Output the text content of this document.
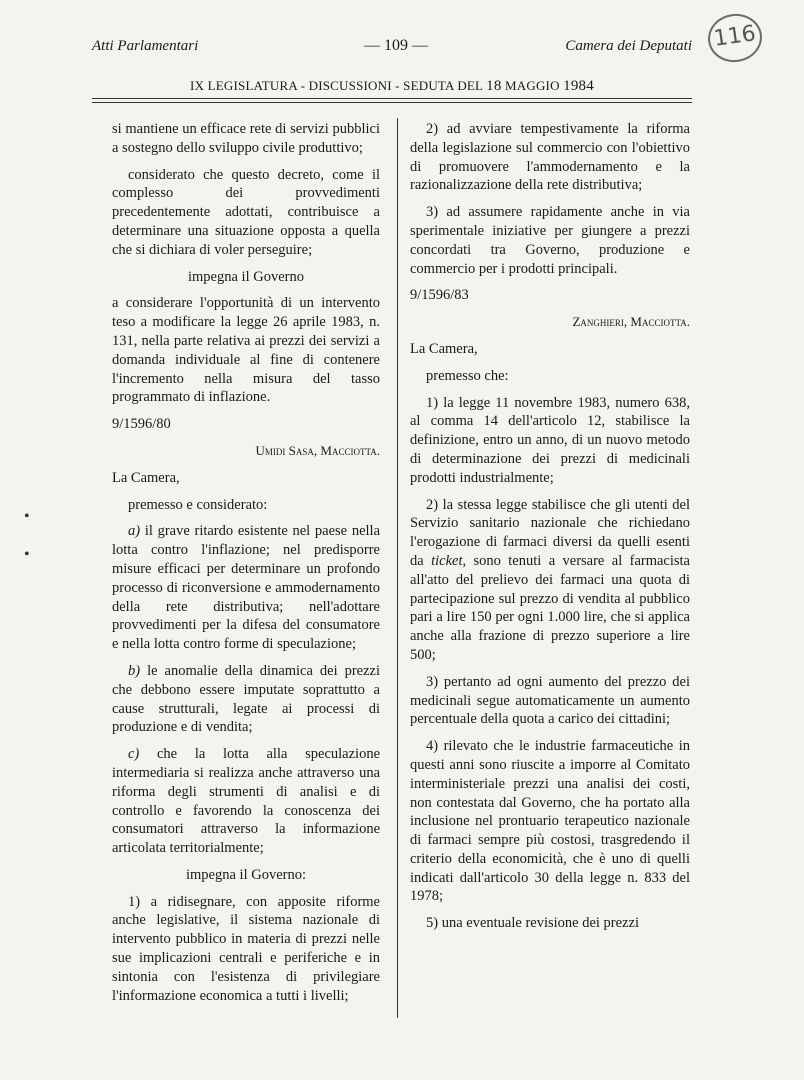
Atti Parlamentari	— 109 —	Camera dei Deputati 116
IX LEGISLATURA - DISCUSSIONI - SEDUTA DEL 18 MAGGIO 1984
•
•

si mantiene un efficace rete di servizi pubblici a sostegno dello sviluppo civile produttivo;

considerato che questo decreto, come il complesso dei provvedimenti precedentemente adottati, contribuisce a determinare una situazione opposta a quella che si dichiara di voler perseguire;

impegna il Governo

a considerare l'opportunità di un intervento teso a modificare la legge 26 aprile 1983, n. 131, nella parte relativa ai prezzi dei servizi a domanda individuale al fine di contenere l'incremento nella misura del tasso programmato di inflazione.

9/1596/80

Umidi Sasa, Macciotta.

La Camera,

premesso e considerato:

a) il grave ritardo esistente nel paese nella lotta contro l'inflazione; nel predisporre misure efficaci per determinare un profondo processo di riconversione e ammodernamento della rete distributiva; nell'adottare provvedimenti per la difesa del consumatore e nella lotta contro forme di speculazione;

b) le anomalie della dinamica dei prezzi che debbono essere imputate soprattutto a cause strutturali, legate ai processi di produzione e di vendita;

c) che la lotta alla speculazione intermediaria si realizza anche attraverso una riforma degli strumenti di analisi e di controllo e favorendo la conoscenza dei consumatori attraverso la informazione articolata territorialmente;

impegna il Governo:

1) a ridisegnare, con apposite riforme anche legislative, il sistema nazionale di intervento pubblico in materia di prezzi nelle sue implicazioni centrali e periferiche e in sintonia con l'esistenza di privilegiare l'informazione economica a tutti i livelli;

2) ad avviare tempestivamente la riforma della legislazione sul commercio con l'obiettivo di promuovere l'ammodernamento e la razionalizzazione della rete distributiva;

3) ad assumere rapidamente anche in via sperimentale iniziative per giungere a prezzi concordati tra Governo, produzione e commercio per i prodotti principali.

9/1596/83

Zanghieri, Macciotta.

La Camera,

premesso che:

1) la legge 11 novembre 1983, numero 638, al comma 14 dell'articolo 12, stabilisce la definizione, entro un anno, di un nuovo metodo di determinazione dei prezzi di medicinali prodotti industrialmente;

2) la stessa legge stabilisce che gli utenti del Servizio sanitario nazionale che richiedano l'erogazione di farmaci diversi da quelli esenti da ticket, sono tenuti a versare al farmacista all'atto del prelievo dei farmaci una quota di partecipazione sul prezzo di vendita al pubblico pari a lire 150 per ogni 1.000 lire, che si applica anche alla frazione di prezzo superiore a lire 500;

3) pertanto ad ogni aumento del prezzo dei medicinali segue automaticamente un aumento percentuale della quota a carico dei cittadini;

4) rilevato che le industrie farmaceutiche in questi anni sono riuscite a imporre al Comitato interministeriale prezzi una analisi dei costi, non contestata dal Governo, che ha portato alla inclusione nel prontuario terapeutico nazionale di farmaci sempre più costosi, trasgredendo il criterio della economicità, che è uno di quelli indicati dall'articolo 30 della legge n. 833 del 1978;

5) una eventuale revisione dei prezzi
